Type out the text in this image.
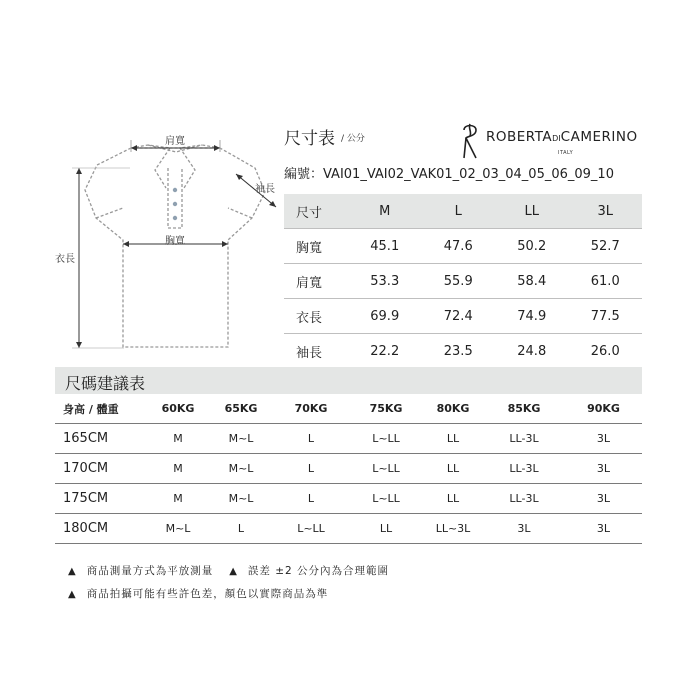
肩寬
袖長
胸寬
衣長
尺寸表 / 公分	ROBERTADICAMERINO
ITALY
編號：VAI01_VAI02_VAK01_02_03_04_05_06_09_10
尺寸	M	L	LL	3L
胸寬	45.1	47.6	50.2	52.7
肩寬	53.3	55.9	58.4	61.0
衣長	69.9	72.4	74.9	77.5
袖長	22.2	23.5	24.8	26.0
尺碼建議表
身高 / 體重	60KG	65KG	70KG	75KG	80KG	85KG	90KG
165CM	M	M~L	L	L~LL	LL	LL-3L	3L
170CM	M	M~L	L	L~LL	LL	LL-3L	3L
175CM	M	M~L	L	L~LL	LL	LL-3L	3L
180CM	M~L	L	L~LL	LL	LL~3L	3L	3L
▲ 商品測量方式為平放測量 ▲ 誤差 ±2 公分內為合理範圍
▲ 商品拍攝可能有些許色差，顏色以實際商品為準
